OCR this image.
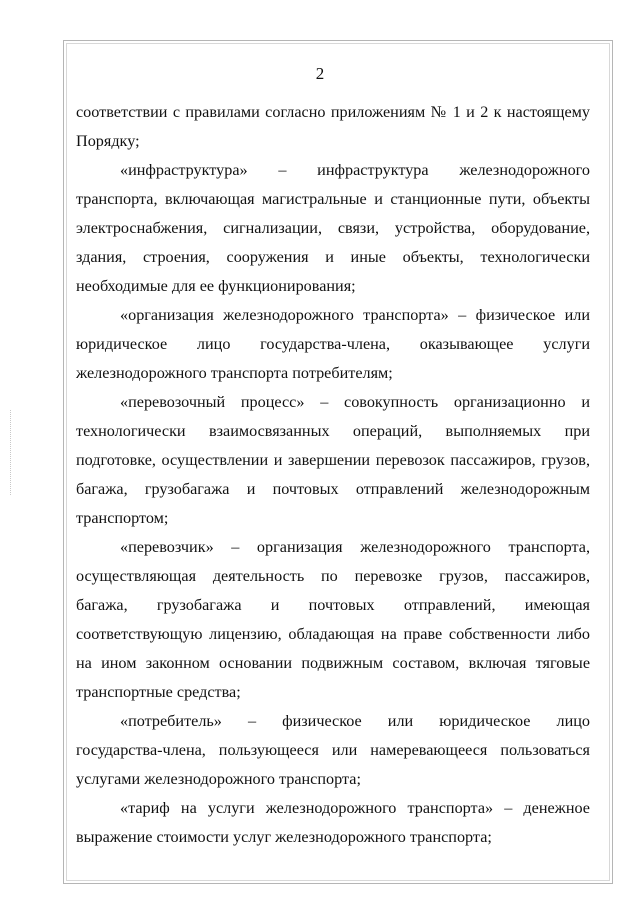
2
соответствии с правилами согласно приложениям № 1 и 2 к настоящему
Порядку;
«инфраструктура» – инфраструктура железнодорожного
транспорта, включающая магистральные и станционные пути, объекты
электроснабжения, сигнализации, связи, устройства, оборудование,
здания, строения, сооружения и иные объекты, технологически
необходимые для ее функционирования;
«организация железнодорожного транспорта» – физическое или
юридическое лицо государства-члена, оказывающее услуги
железнодорожного транспорта потребителям;
«перевозочный процесс» – совокупность организационно и
технологически взаимосвязанных операций, выполняемых при
подготовке, осуществлении и завершении перевозок пассажиров, грузов,
багажа, грузобагажа и почтовых отправлений железнодорожным
транспортом;
«перевозчик» – организация железнодорожного транспорта,
осуществляющая деятельность по перевозке грузов, пассажиров,
багажа, грузобагажа и почтовых отправлений, имеющая
соответствующую лицензию, обладающая на праве собственности либо
на ином законном основании подвижным составом, включая тяговые
транспортные средства;
«потребитель» – физическое или юридическое лицо
государства-члена, пользующееся или намеревающееся пользоваться
услугами железнодорожного транспорта;
«тариф на услуги железнодорожного транспорта» – денежное
выражение стоимости услуг железнодорожного транспорта;
